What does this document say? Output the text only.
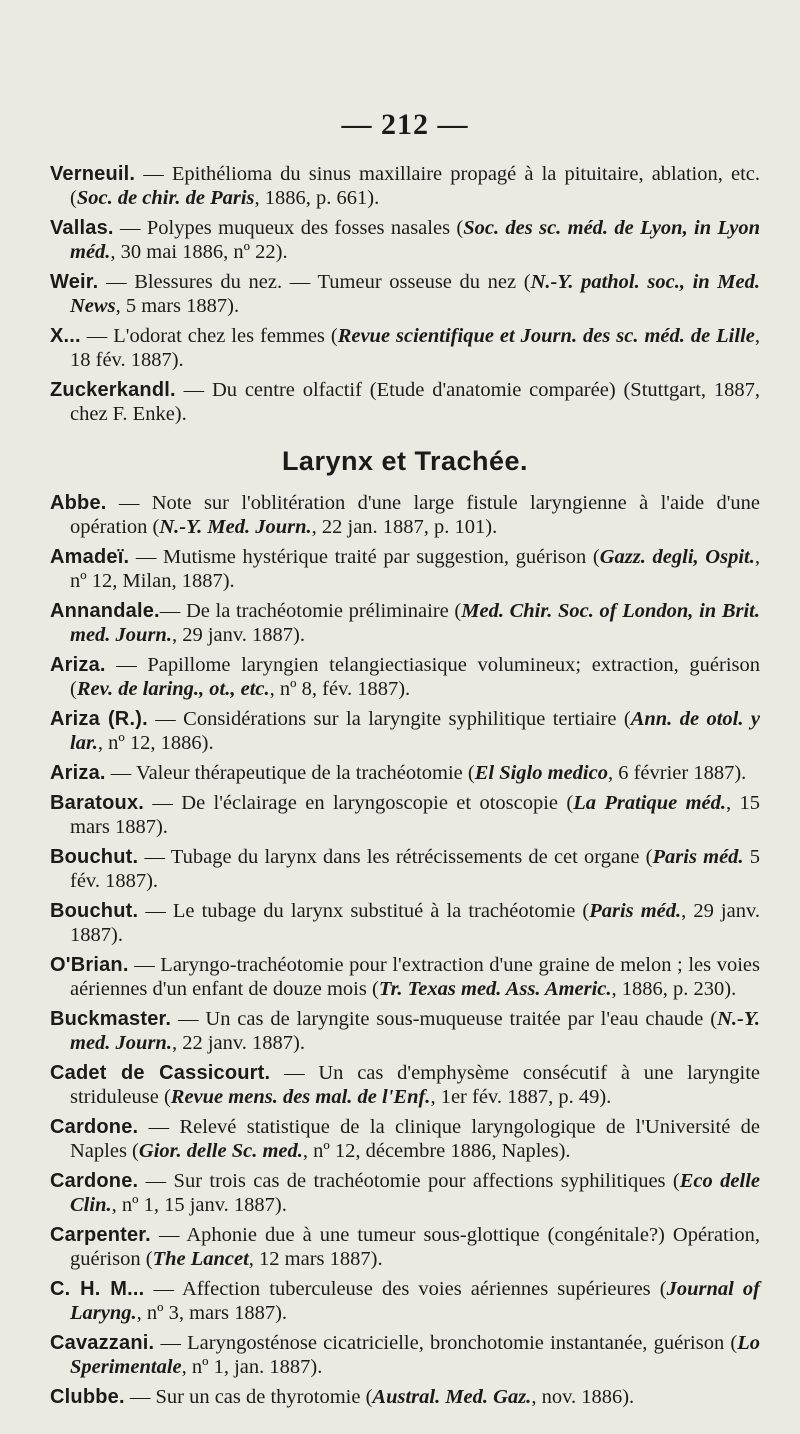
— 212 —

Verneuil. — Epithélioma du sinus maxillaire propagé à la pituitaire, ablation, etc. (Soc. de chir. de Paris, 1886, p. 661).

Vallas. — Polypes muqueux des fosses nasales (Soc. des sc. méd. de Lyon, in Lyon méd., 30 mai 1886, nº 22).

Weir. — Blessures du nez. — Tumeur osseuse du nez (N.-Y. pathol. soc., in Med. News, 5 mars 1887).

X... — L'odorat chez les femmes (Revue scientifique et Journ. des sc. méd. de Lille, 18 fév. 1887).

Zuckerkandl. — Du centre olfactif (Etude d'anatomie comparée) (Stuttgart, 1887, chez F. Enke).

Larynx et Trachée.

Abbe. — Note sur l'oblitération d'une large fistule laryngienne à l'aide d'une opération (N.-Y. Med. Journ., 22 jan. 1887, p. 101).

Amadeï. — Mutisme hystérique traité par suggestion, guérison (Gazz. degli, Ospit., nº 12, Milan, 1887).

Annandale.— De la trachéotomie préliminaire (Med. Chir. Soc. of London, in Brit. med. Journ., 29 janv. 1887).

Ariza. — Papillome laryngien telangiectiasique volumineux; extraction, guérison (Rev. de laring., ot., etc., nº 8, fév. 1887).

Ariza (R.). — Considérations sur la laryngite syphilitique tertiaire (Ann. de otol. y lar., nº 12, 1886).

Ariza. — Valeur thérapeutique de la trachéotomie (El Siglo medico, 6 février 1887).

Baratoux. — De l'éclairage en laryngoscopie et otoscopie (La Pratique méd., 15 mars 1887).

Bouchut. — Tubage du larynx dans les rétrécissements de cet organe (Paris méd. 5 fév. 1887).

Bouchut. — Le tubage du larynx substitué à la trachéotomie (Paris méd., 29 janv. 1887).

O'Brian. — Laryngo-trachéotomie pour l'extraction d'une graine de melon ; les voies aériennes d'un enfant de douze mois (Tr. Texas med. Ass. Americ., 1886, p. 230).

Buckmaster. — Un cas de laryngite sous-muqueuse traitée par l'eau chaude (N.-Y. med. Journ., 22 janv. 1887).

Cadet de Cassicourt. — Un cas d'emphysème consécutif à une laryngite striduleuse (Revue mens. des mal. de l'Enf., 1er fév. 1887, p. 49).

Cardone. — Relevé statistique de la clinique laryngologique de l'Université de Naples (Gior. delle Sc. med., nº 12, décembre 1886, Naples).

Cardone. — Sur trois cas de trachéotomie pour affections syphilitiques (Eco delle Clin., nº 1, 15 janv. 1887).

Carpenter. — Aphonie due à une tumeur sous-glottique (congénitale?) Opération, guérison (The Lancet, 12 mars 1887).

C. H. M... — Affection tuberculeuse des voies aériennes supérieures (Journal of Laryng., nº 3, mars 1887).

Cavazzani. — Laryngosténose cicatricielle, bronchotomie instantanée, guérison (Lo Sperimentale, nº 1, jan. 1887).

Clubbe. — Sur un cas de thyrotomie (Austral. Med. Gaz., nov. 1886).
